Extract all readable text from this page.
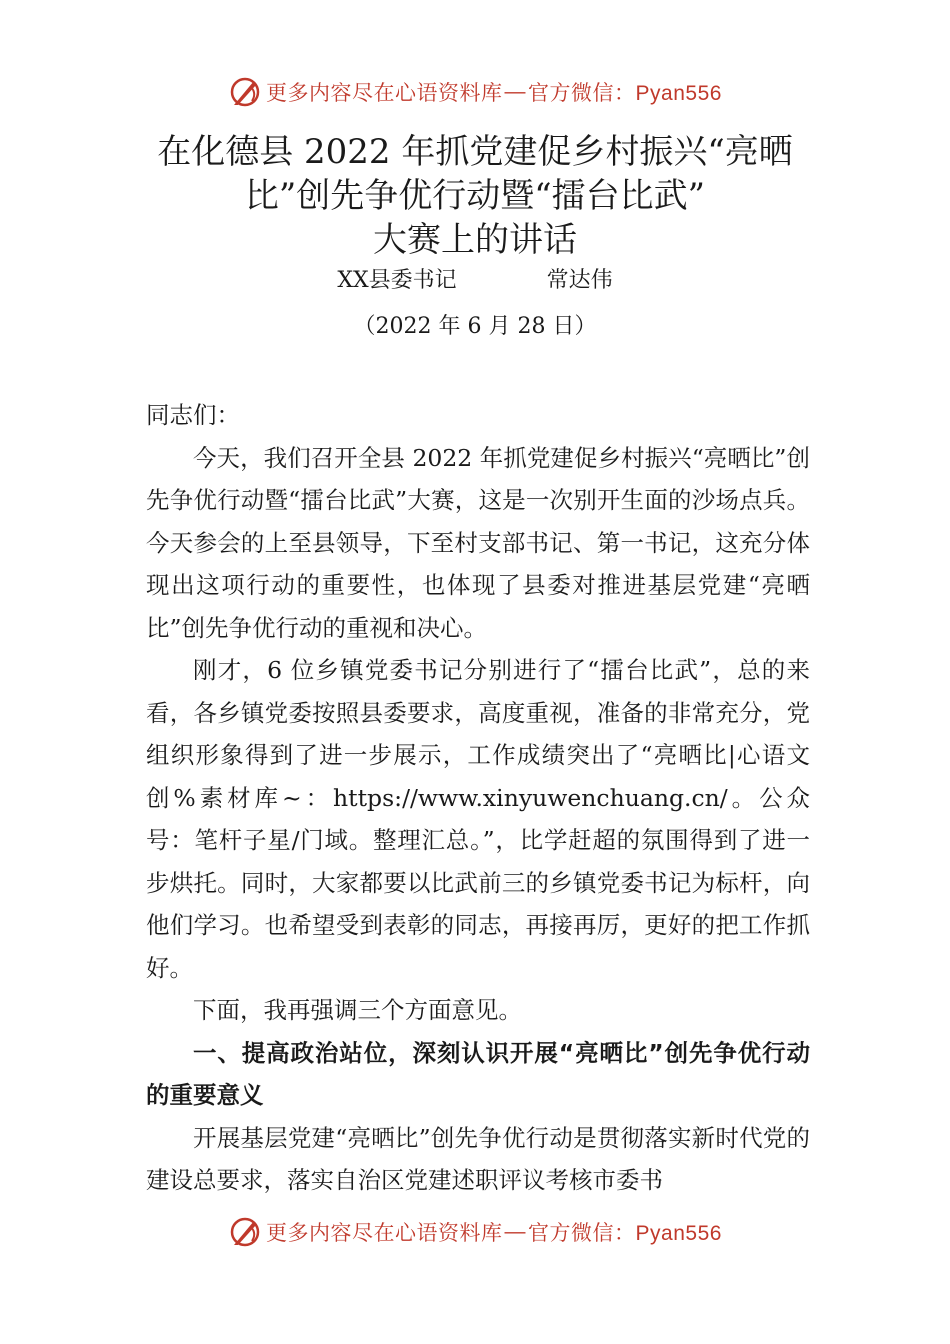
更多内容尽在心语资料库 — 官方微信：Pyan556
在化德县 2022 年抓党建促乡村振兴“亮晒
比”创先争优行动暨“擂台比武”
大赛上的讲话
XX县委书记	常达伟
（2022 年 6 月 28 日）

同志们：

今天，我们召开全县 2022 年抓党建促乡村振兴“亮晒比”创先争优行动暨“擂台比武”大赛，这是一次别开生面的沙场点兵。今天参会的上至县领导，下至村支部书记、第一书记，这充分体现出这项行动的重要性，也体现了县委对推进基层党建“亮晒比”创先争优行动的重视和决心。

刚才，6 位乡镇党委书记分别进行了“擂台比武”，总的来看，各乡镇党委按照县委要求，高度重视，准备的非常充分，党组织形象得到了进一步展示，工作成绩突出了“亮晒比|心语文创%素材库~：https://www.xinyuwenchuang.cn/。公众号：笔杆子星/门域。整理汇总。”，比学赶超的氛围得到了进一步烘托。同时，大家都要以比武前三的乡镇党委书记为标杆，向他们学习。也希望受到表彰的同志，再接再厉，更好的把工作抓好。

下面，我再强调三个方面意见。

一、提高政治站位，深刻认识开展“亮晒比”创先争优行动的重要意义

开展基层党建“亮晒比”创先争优行动是贯彻落实新时代党的建设总要求，落实自治区党建述职评议考核市委书

更多内容尽在心语资料库 — 官方微信：Pyan556
